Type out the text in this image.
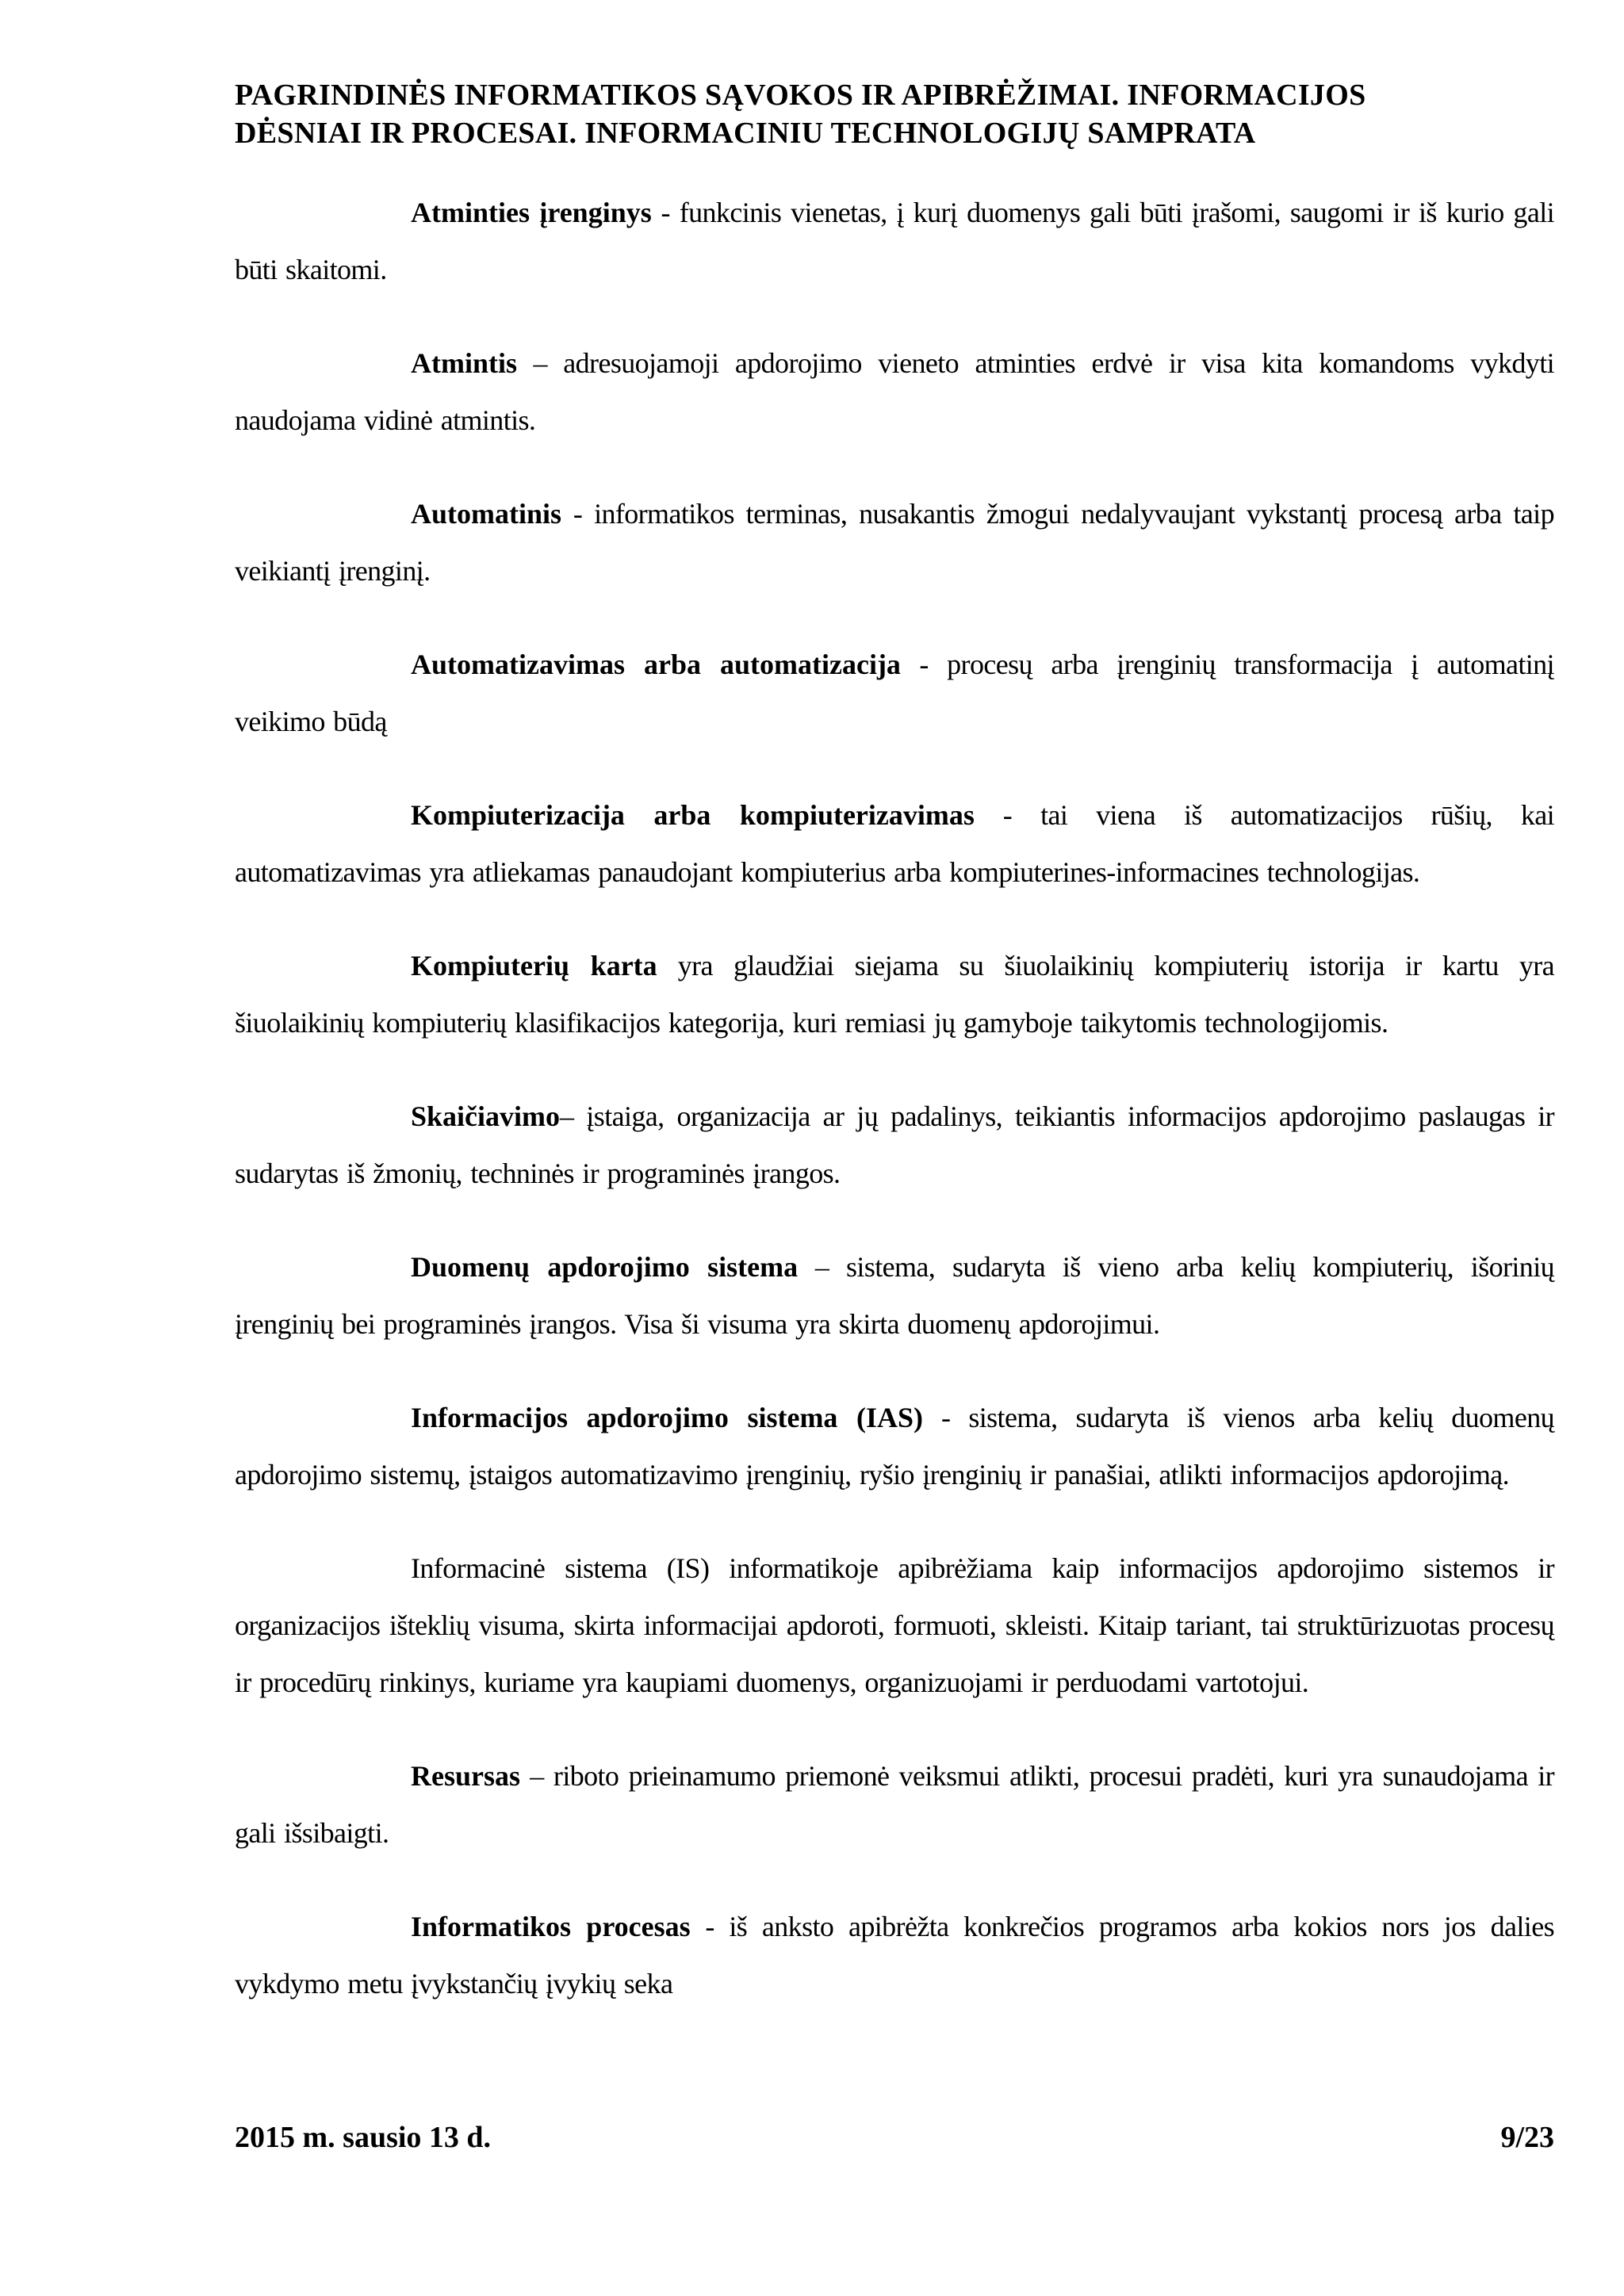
PAGRINDINĖS INFORMATIKOS SĄVOKOS IR APIBRĖŽIMAI. INFORMACIJOS
DĖSNIAI IR PROCESAI. INFORMACINIU TECHNOLOGIJŲ SAMPRATA

Atminties įrenginys - funkcinis vienetas, į kurį duomenys gali būti įrašomi, saugomi ir iš kurio gali būti skaitomi.

Atmintis – adresuojamoji apdorojimo vieneto atminties erdvė ir visa kita komandoms vykdyti naudojama vidinė atmintis.

Automatinis - informatikos terminas, nusakantis žmogui nedalyvaujant vykstantį procesą arba taip veikiantį įrenginį.

Automatizavimas arba automatizacija - procesų arba įrenginių transformacija į automatinį veikimo būdą

Kompiuterizacija arba kompiuterizavimas - tai viena iš automatizacijos rūšių, kai automatizavimas yra atliekamas panaudojant kompiuterius arba kompiuterines-informacines technologijas.

Kompiuterių karta yra glaudžiai siejama su šiuolaikinių kompiuterių istorija ir kartu yra šiuolaikinių kompiuterių klasifikacijos kategorija, kuri remiasi jų gamyboje taikytomis technologijomis.

Skaičiavimo– įstaiga, organizacija ar jų padalinys, teikiantis informacijos apdorojimo paslaugas ir sudarytas iš žmonių, techninės ir programinės įrangos.

Duomenų apdorojimo sistema – sistema, sudaryta iš vieno arba kelių kompiuterių, išorinių įrenginių bei programinės įrangos. Visa ši visuma yra skirta duomenų apdorojimui.

Informacijos apdorojimo sistema (IAS) - sistema, sudaryta iš vienos arba kelių duomenų apdorojimo sistemų, įstaigos automatizavimo įrenginių, ryšio įrenginių ir panašiai, atlikti informacijos apdorojimą.

Informacinė sistema (IS) informatikoje apibrėžiama kaip informacijos apdorojimo sistemos ir organizacijos išteklių visuma, skirta informacijai apdoroti, formuoti, skleisti. Kitaip tariant, tai struktūrizuotas procesų ir procedūrų rinkinys, kuriame yra kaupiami duomenys, organizuojami ir perduodami vartotojui.

Resursas – riboto prieinamumo priemonė veiksmui atlikti, procesui pradėti, kuri yra sunaudojama ir gali išsibaigti.

Informatikos procesas - iš anksto apibrėžta konkrečios programos arba kokios nors jos dalies vykdymo metu įvykstančių įvykių seka

2015 m. sausio 13 d.	9/23
